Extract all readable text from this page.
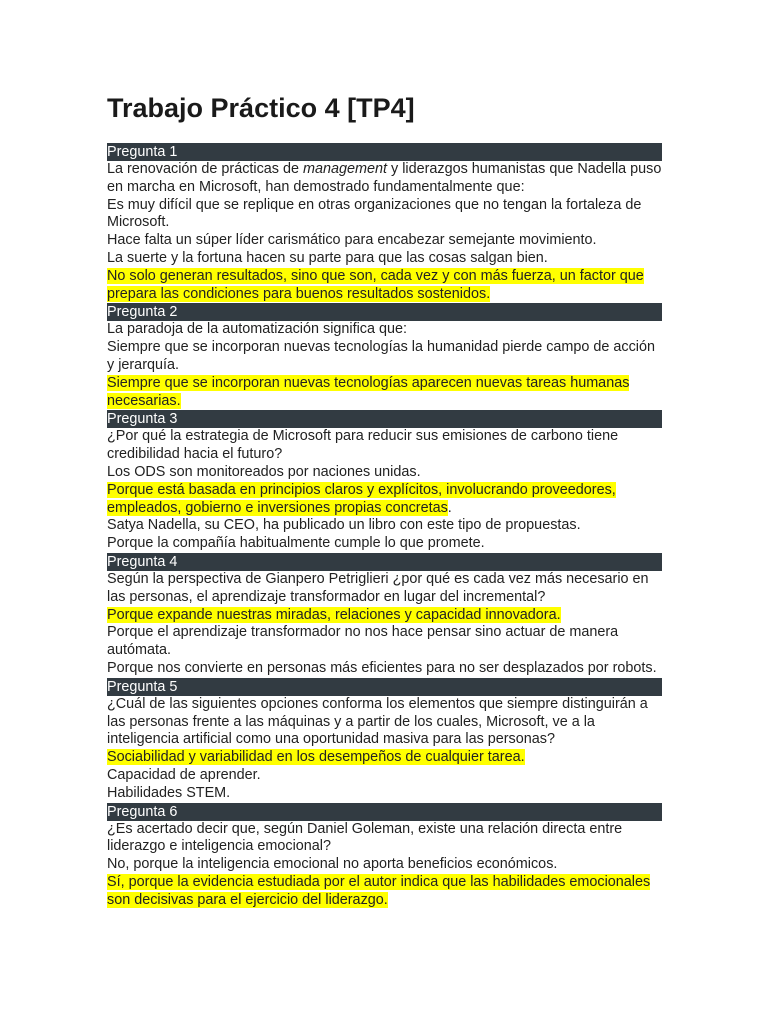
Trabajo Práctico 4 [TP4]
Pregunta 1

La renovación de prácticas de management y liderazgos humanistas que Nadella puso en marcha en Microsoft, han demostrado fundamentalmente que:

Es muy difícil que se replique en otras organizaciones que no tengan la fortaleza de Microsoft.

Hace falta un súper líder carismático para encabezar semejante movimiento.

La suerte y la fortuna hacen su parte para que las cosas salgan bien.

No solo generan resultados, sino que son, cada vez y con más fuerza, un factor que prepara las condiciones para buenos resultados sostenidos.

Pregunta 2

La paradoja de la automatización significa que:

Siempre que se incorporan nuevas tecnologías la humanidad pierde campo de acción y jerarquía.

Siempre que se incorporan nuevas tecnologías aparecen nuevas tareas humanas necesarias.

Pregunta 3

¿Por qué la estrategia de Microsoft para reducir sus emisiones de carbono tiene credibilidad hacia el futuro?

Los ODS son monitoreados por naciones unidas.

Porque está basada en principios claros y explícitos, involucrando proveedores, empleados, gobierno e inversiones propias concretas.

Satya Nadella, su CEO, ha publicado un libro con este tipo de propuestas.

Porque la compañía habitualmente cumple lo que promete.

Pregunta 4

Según la perspectiva de Gianpero Petriglieri ¿por qué es cada vez más necesario en las personas, el aprendizaje transformador en lugar del incremental?

Porque expande nuestras miradas, relaciones y capacidad innovadora.

Porque el aprendizaje transformador no nos hace pensar sino actuar de manera autómata.

Porque nos convierte en personas más eficientes para no ser desplazados por robots.

Pregunta 5

¿Cuál de las siguientes opciones conforma los elementos que siempre distinguirán a las personas frente a las máquinas y a partir de los cuales, Microsoft, ve a la inteligencia artificial como una oportunidad masiva para las personas?

Sociabilidad y variabilidad en los desempeños de cualquier tarea.

Capacidad de aprender.

Habilidades STEM.

Pregunta 6

¿Es acertado decir que, según Daniel Goleman, existe una relación directa entre liderazgo e inteligencia emocional?

No, porque la inteligencia emocional no aporta beneficios económicos.

Sí, porque la evidencia estudiada por el autor indica que las habilidades emocionales son decisivas para el ejercicio del liderazgo.
